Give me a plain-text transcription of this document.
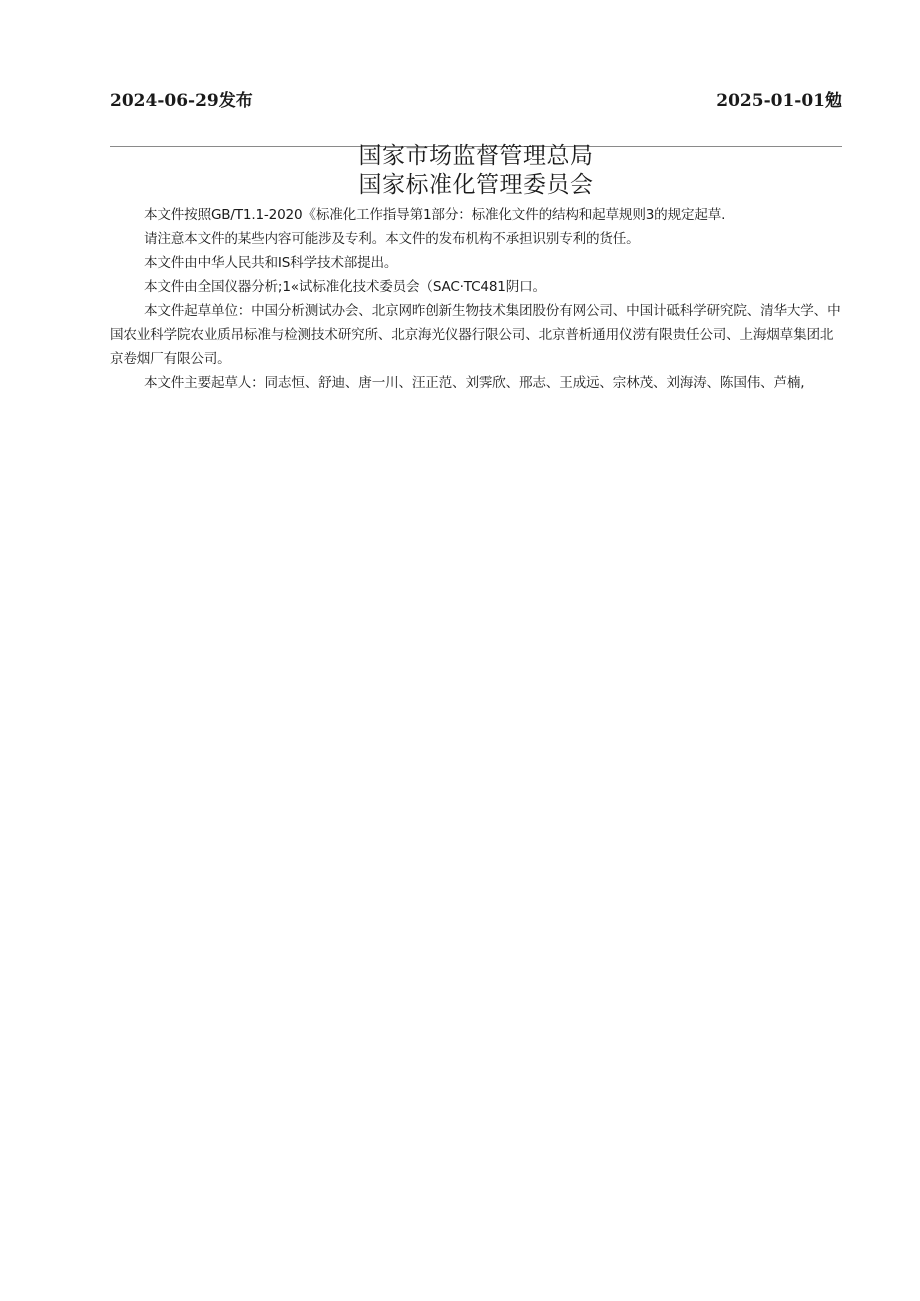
2024-06-29发布	2025-01-01勉
国家市场监督管理总局
国家标准化管理委员会

本文件按照GB/T1.1-2020《标准化工作指导第1部分：标准化文件的结构和起草规则3的规定起草.

请注意本文件的某些内容可能涉及专利。本文件的发布机构不承担识别专利的货任。

本文件由中华人民共和IS科学技术部提出。

本文件由全国仪器分析;1«试标准化技术委员会（SAC·TC481阴口。

本文件起草单位：中国分析测试办会、北京网昨创新生物技术集团股份有网公司、中国计砥科学研究院、清华大学、中国农业科学院农业质吊标准与检测技术研究所、北京海光仪器行限公司、北京普析通用仪涝有限贵任公司、上海烟草集团北京卷烟厂有限公司。

本文件主要起草人：同志恒、舒迪、唐一川、汪正范、刘霁欣、邢志、王成远、宗林茂、刘海涛、陈国伟、芦楠,
